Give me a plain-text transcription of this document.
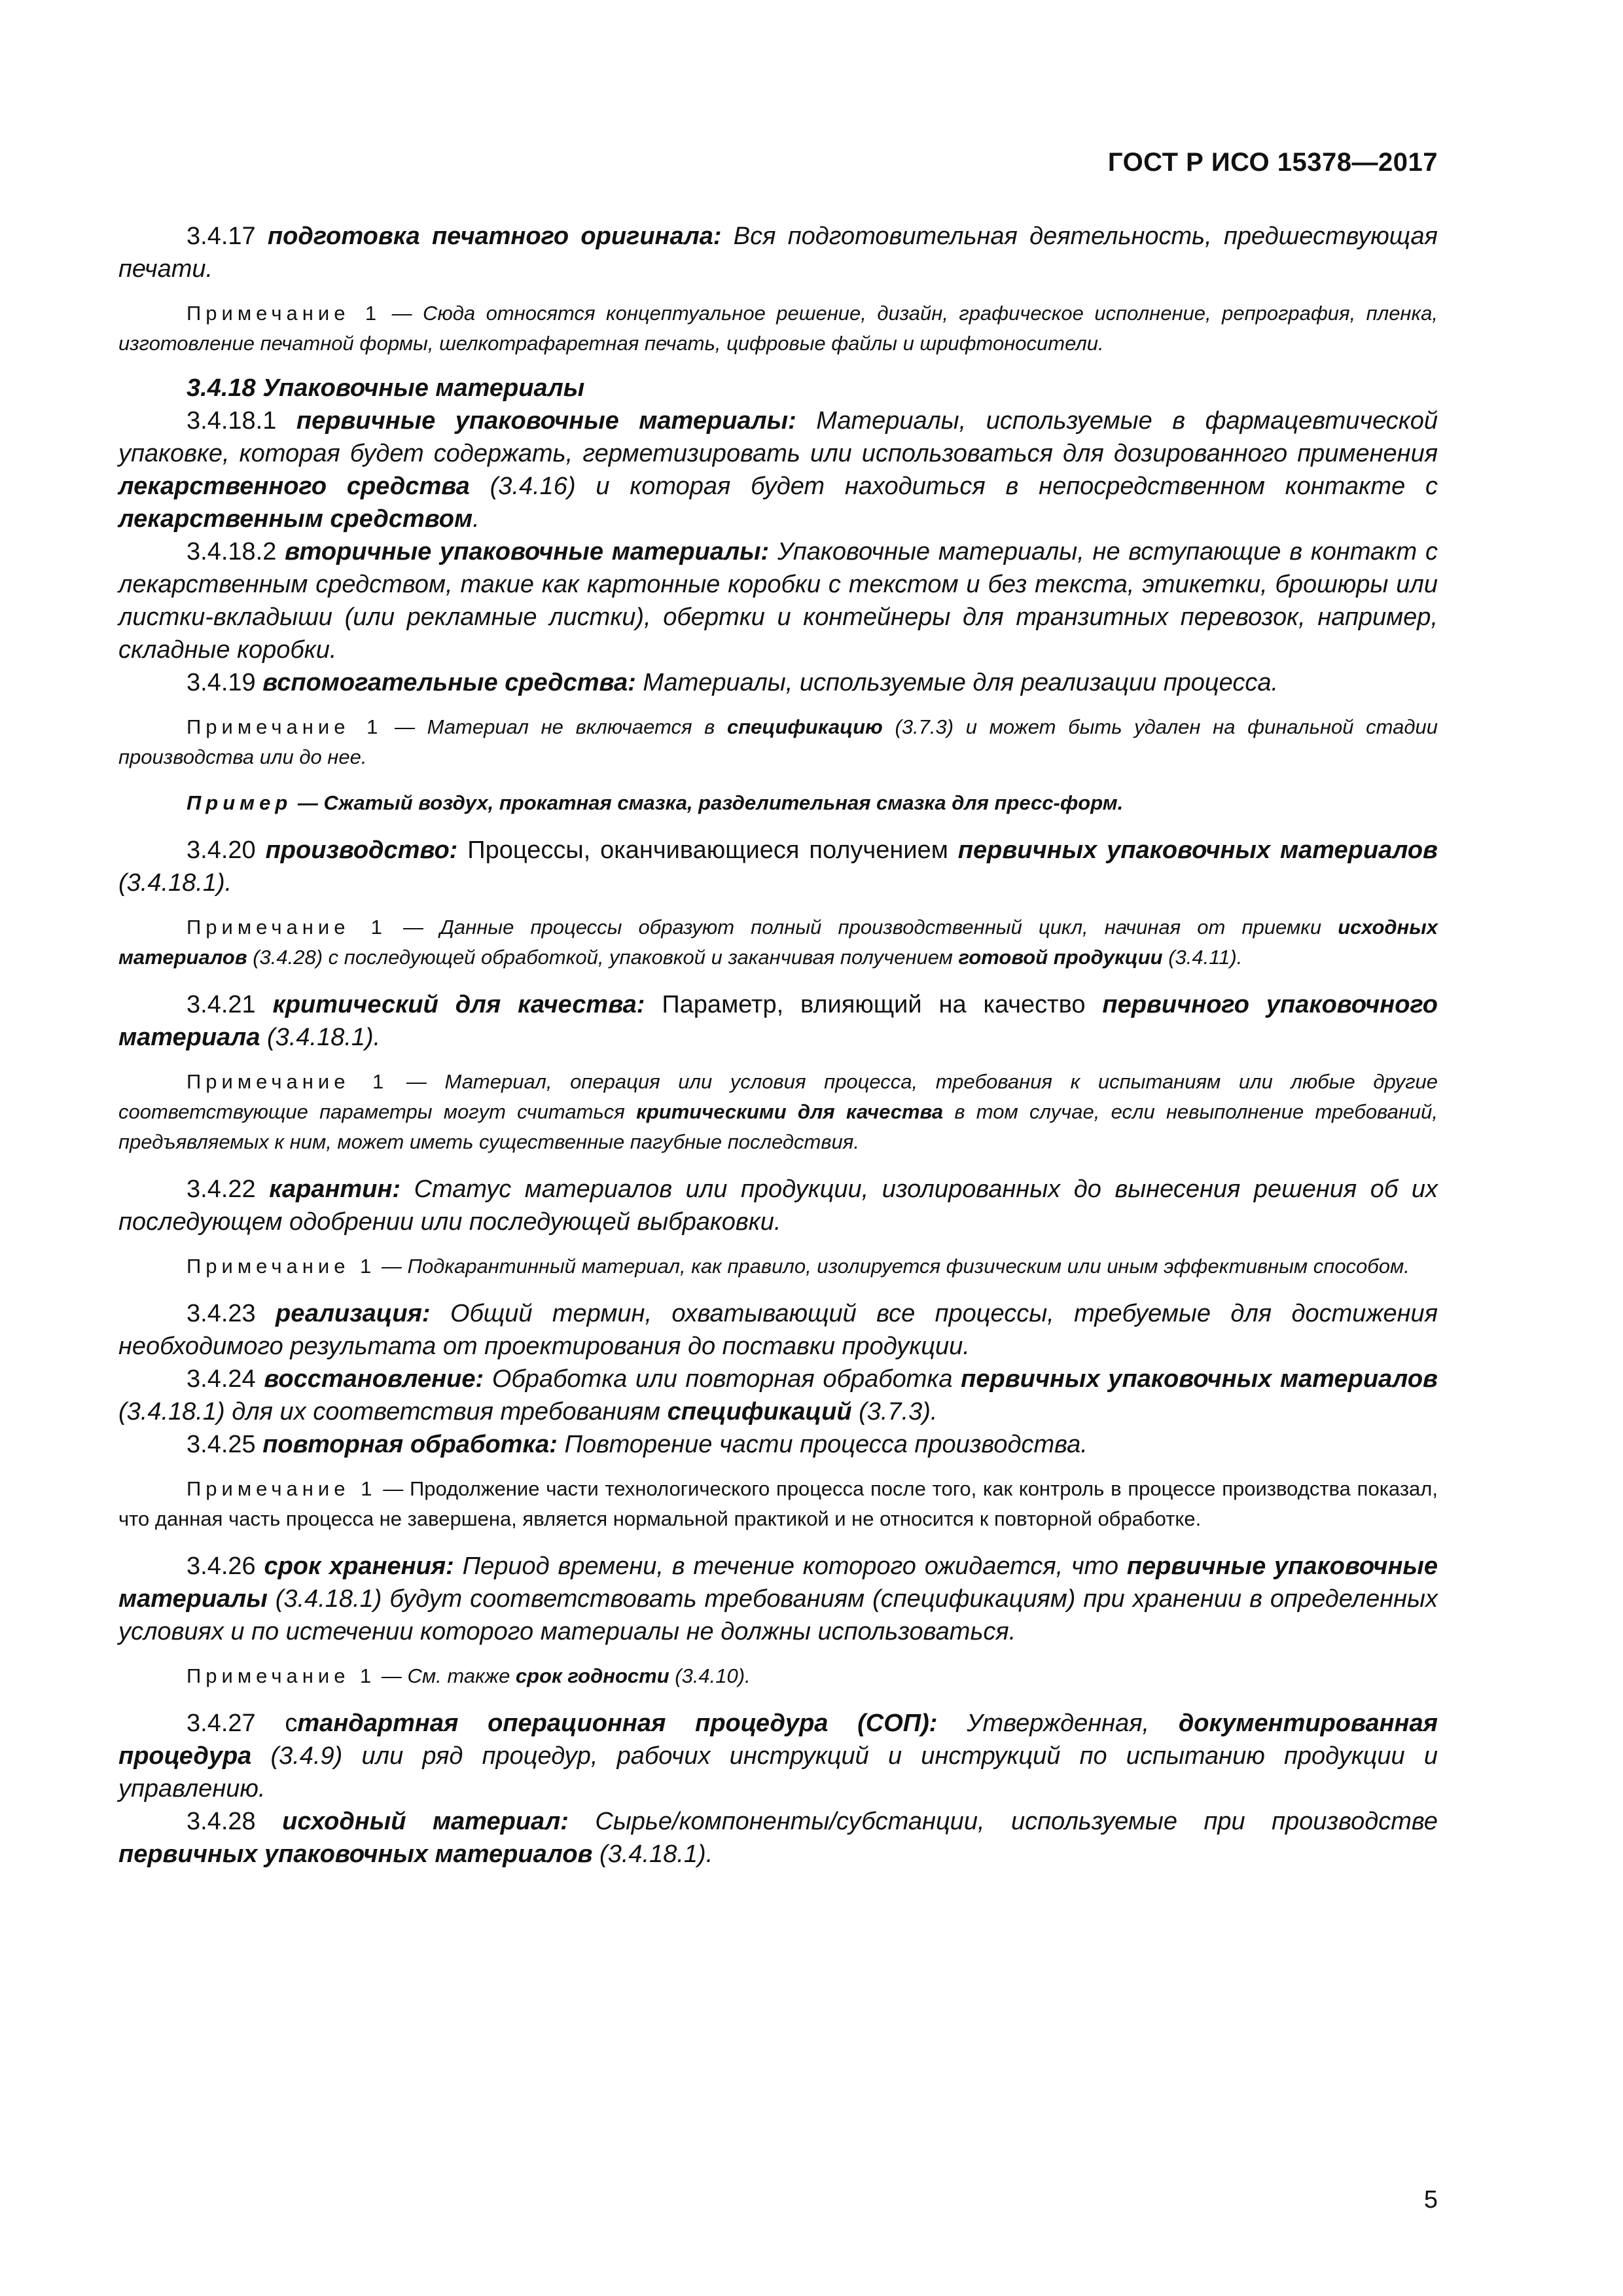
ГОСТ Р ИСО 15378—2017

3.4.17 подготовка печатного оригинала: Вся подготовительная деятельность, предшествующая печати.

Примечание 1 — Сюда относятся концептуальное решение, дизайн, графическое исполнение, репрография, пленка, изготовление печатной формы, шелкотрафаретная печать, цифровые файлы и шрифтоносители.

3.4.18 Упаковочные материалы

3.4.18.1 первичные упаковочные материалы: Материалы, используемые в фармацевтической упаковке, которая будет содержать, герметизировать или использоваться для дозированного применения лекарственного средства (3.4.16) и которая будет находиться в непосредственном контакте с лекарственным средством.

3.4.18.2 вторичные упаковочные материалы: Упаковочные материалы, не вступающие в контакт с лекарственным средством, такие как картонные коробки с текстом и без текста, этикетки, брошюры или листки-вкладыши (или рекламные листки), обертки и контейнеры для транзитных перевозок, например, складные коробки.

3.4.19 вспомогательные средства: Материалы, используемые для реализации процесса.

Примечание 1 — Материал не включается в спецификацию (3.7.3) и может быть удален на финальной стадии производства или до нее.

Пример — Сжатый воздух, прокатная смазка, разделительная смазка для пресс-форм.

3.4.20 производство: Процессы, оканчивающиеся получением первичных упаковочных материалов (3.4.18.1).

Примечание 1 — Данные процессы образуют полный производственный цикл, начиная от приемки исходных материалов (3.4.28) с последующей обработкой, упаковкой и заканчивая получением готовой продукции (3.4.11).

3.4.21 критический для качества: Параметр, влияющий на качество первичного упаковочного материала (3.4.18.1).

Примечание 1 — Материал, операция или условия процесса, требования к испытаниям или любые другие соответствующие параметры могут считаться критическими для качества в том случае, если невыполнение требований, предъявляемых к ним, может иметь существенные пагубные последствия.

3.4.22 карантин: Статус материалов или продукции, изолированных до вынесения решения об их последующем одобрении или последующей выбраковки.

Примечание 1 — Подкарантинный материал, как правило, изолируется физическим или иным эффективным способом.

3.4.23 реализация: Общий термин, охватывающий все процессы, требуемые для достижения необходимого результата от проектирования до поставки продукции.

3.4.24 восстановление: Обработка или повторная обработка первичных упаковочных материалов (3.4.18.1) для их соответствия требованиям спецификаций (3.7.3).

3.4.25 повторная обработка: Повторение части процесса производства.

Примечание 1 — Продолжение части технологического процесса после того, как контроль в процессе производства показал, что данная часть процесса не завершена, является нормальной практикой и не относится к повторной обработке.

3.4.26 срок хранения: Период времени, в течение которого ожидается, что первичные упаковочные материалы (3.4.18.1) будут соответствовать требованиям (спецификациям) при хранении в определенных условиях и по истечении которого материалы не должны использоваться.

Примечание 1 — См. также срок годности (3.4.10).

3.4.27 стандартная операционная процедура (СОП): Утвержденная, документированная процедура (3.4.9) или ряд процедур, рабочих инструкций и инструкций по испытанию продукции и управлению.

3.4.28 исходный материал: Сырье/компоненты/субстанции, используемые при производстве первичных упаковочных материалов (3.4.18.1).

5
